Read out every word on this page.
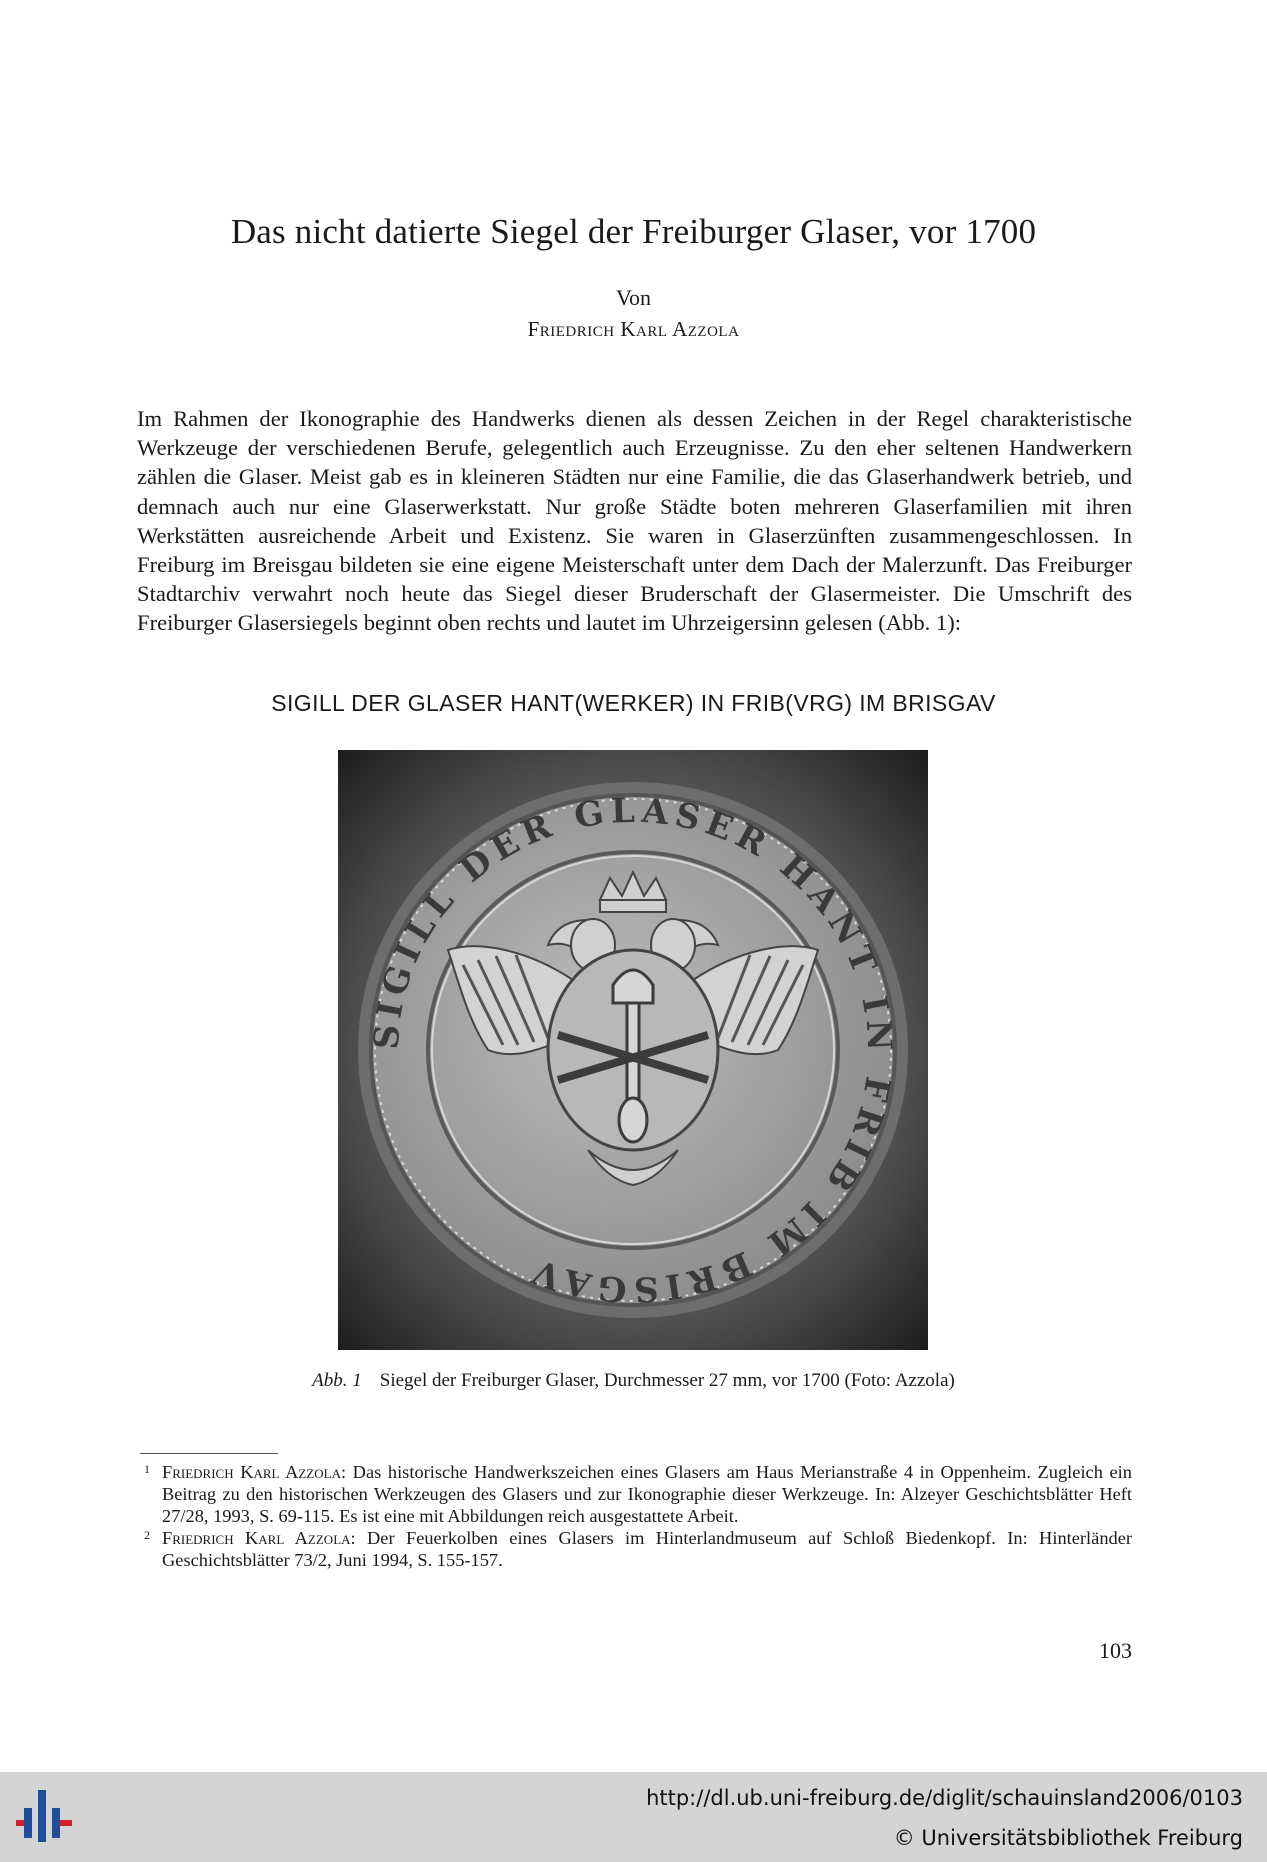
Das nicht datierte Siegel der Freiburger Glaser, vor 1700
Von
Friedrich Karl Azzola

Im Rahmen der Ikonographie des Handwerks dienen als dessen Zeichen in der Regel charakteristische Werkzeuge der verschiedenen Berufe, gelegentlich auch Erzeugnisse. Zu den eher seltenen Handwerkern zählen die Glaser. Meist gab es in kleineren Städten nur eine Familie, die das Glaserhandwerk betrieb, und demnach auch nur eine Glaserwerkstatt. Nur große Städte boten mehreren Glaserfamilien mit ihren Werkstätten ausreichende Arbeit und Existenz. Sie waren in Glaserzünften zusammengeschlossen. In Freiburg im Breisgau bildeten sie eine eigene Meisterschaft unter dem Dach der Malerzunft. Das Freiburger Stadtarchiv verwahrt noch heute das Siegel dieser Bruderschaft der Glasermeister. Die Umschrift des Freiburger Glasersiegels beginnt oben rechts und lautet im Uhrzeigersinn gelesen (Abb. 1):

SIGILL DER GLASER HANT(WERKER) IN FRIB(VRG) IM BRISGAV
SIGILL DER GLASER HANT IN FRIB IM BRISGAV
Abb. 1 Siegel der Freiburger Glaser, Durchmesser 27 mm, vor 1700 (Foto: Azzola)
1 Friedrich Karl Azzola: Das historische Handwerkszeichen eines Glasers am Haus Merianstraße 4 in Oppenheim. Zugleich ein Beitrag zu den historischen Werkzeugen des Glasers und zur Ikonographie dieser Werkzeuge. In: Alzeyer Geschichtsblätter Heft 27/28, 1993, S. 69-115. Es ist eine mit Abbildungen reich ausgestattete Arbeit.
2 Friedrich Karl Azzola: Der Feuerkolben eines Glasers im Hinterlandmuseum auf Schloß Biedenkopf. In: Hinterländer Geschichtsblätter 73/2, Juni 1994, S. 155-157.
103
http://dl.ub.uni-freiburg.de/diglit/schauinsland2006/0103
© Universitätsbibliothek Freiburg
